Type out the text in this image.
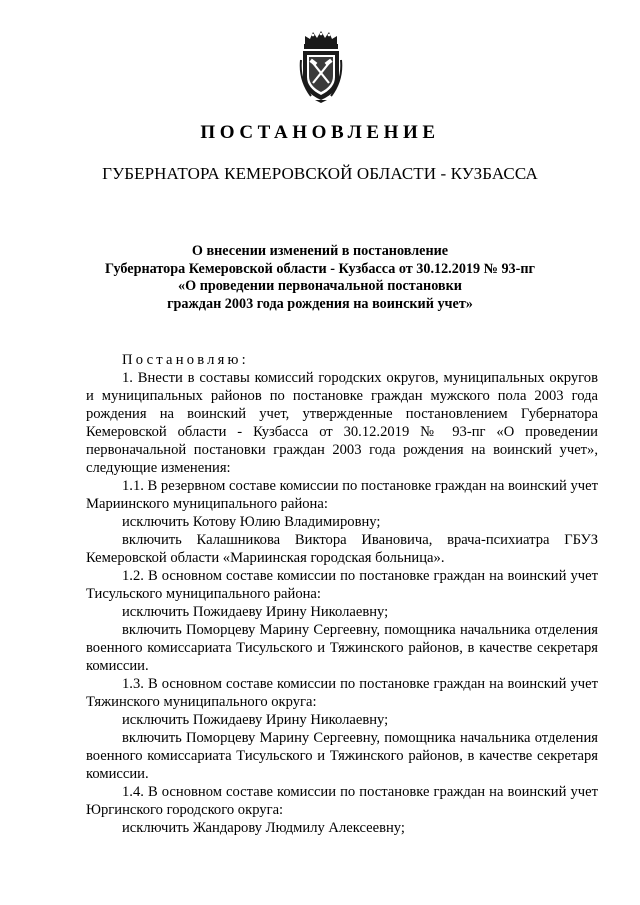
ПОСТАНОВЛЕНИЕ
ГУБЕРНАТОРА КЕМЕРОВСКОЙ ОБЛАСТИ - КУЗБАССА
О внесении изменений в постановление
Губернатора Кемеровской области - Кузбасса от 30.12.2019 № 93-пг
«О проведении первоначальной постановки
граждан 2003 года рождения на воинский учет»
Постановляю:
1. Внести в составы комиссий городских округов, муниципальных округов и муниципальных районов по постановке граждан мужского пола 2003 года рождения на воинский учет, утвержденные постановлением Губернатора Кемеровской области - Кузбасса от 30.12.2019 № 93-пг «О проведении первоначальной постановки граждан 2003 года рождения на воинский учет», следующие изменения:
1.1. В резервном составе комиссии по постановке граждан на воинский учет Мариинского муниципального района:
исключить Котову Юлию Владимировну;
включить Калашникова Виктора Ивановича, врача-психиатра ГБУЗ Кемеровской области «Мариинская городская больница».
1.2. В основном составе комиссии по постановке граждан на воинский учет Тисульского муниципального района:
исключить Пожидаеву Ирину Николаевну;
включить Поморцеву Марину Сергеевну, помощника начальника отделения военного комиссариата Тисульского и Тяжинского районов, в качестве секретаря комиссии.
1.3. В основном составе комиссии по постановке граждан на воинский учет Тяжинского муниципального округа:
исключить Пожидаеву Ирину Николаевну;
включить Поморцеву Марину Сергеевну, помощника начальника отделения военного комиссариата Тисульского и Тяжинского районов, в качестве секретаря комиссии.
1.4. В основном составе комиссии по постановке граждан на воинский учет Юргинского городского округа:
исключить Жандарову Людмилу Алексеевну;
